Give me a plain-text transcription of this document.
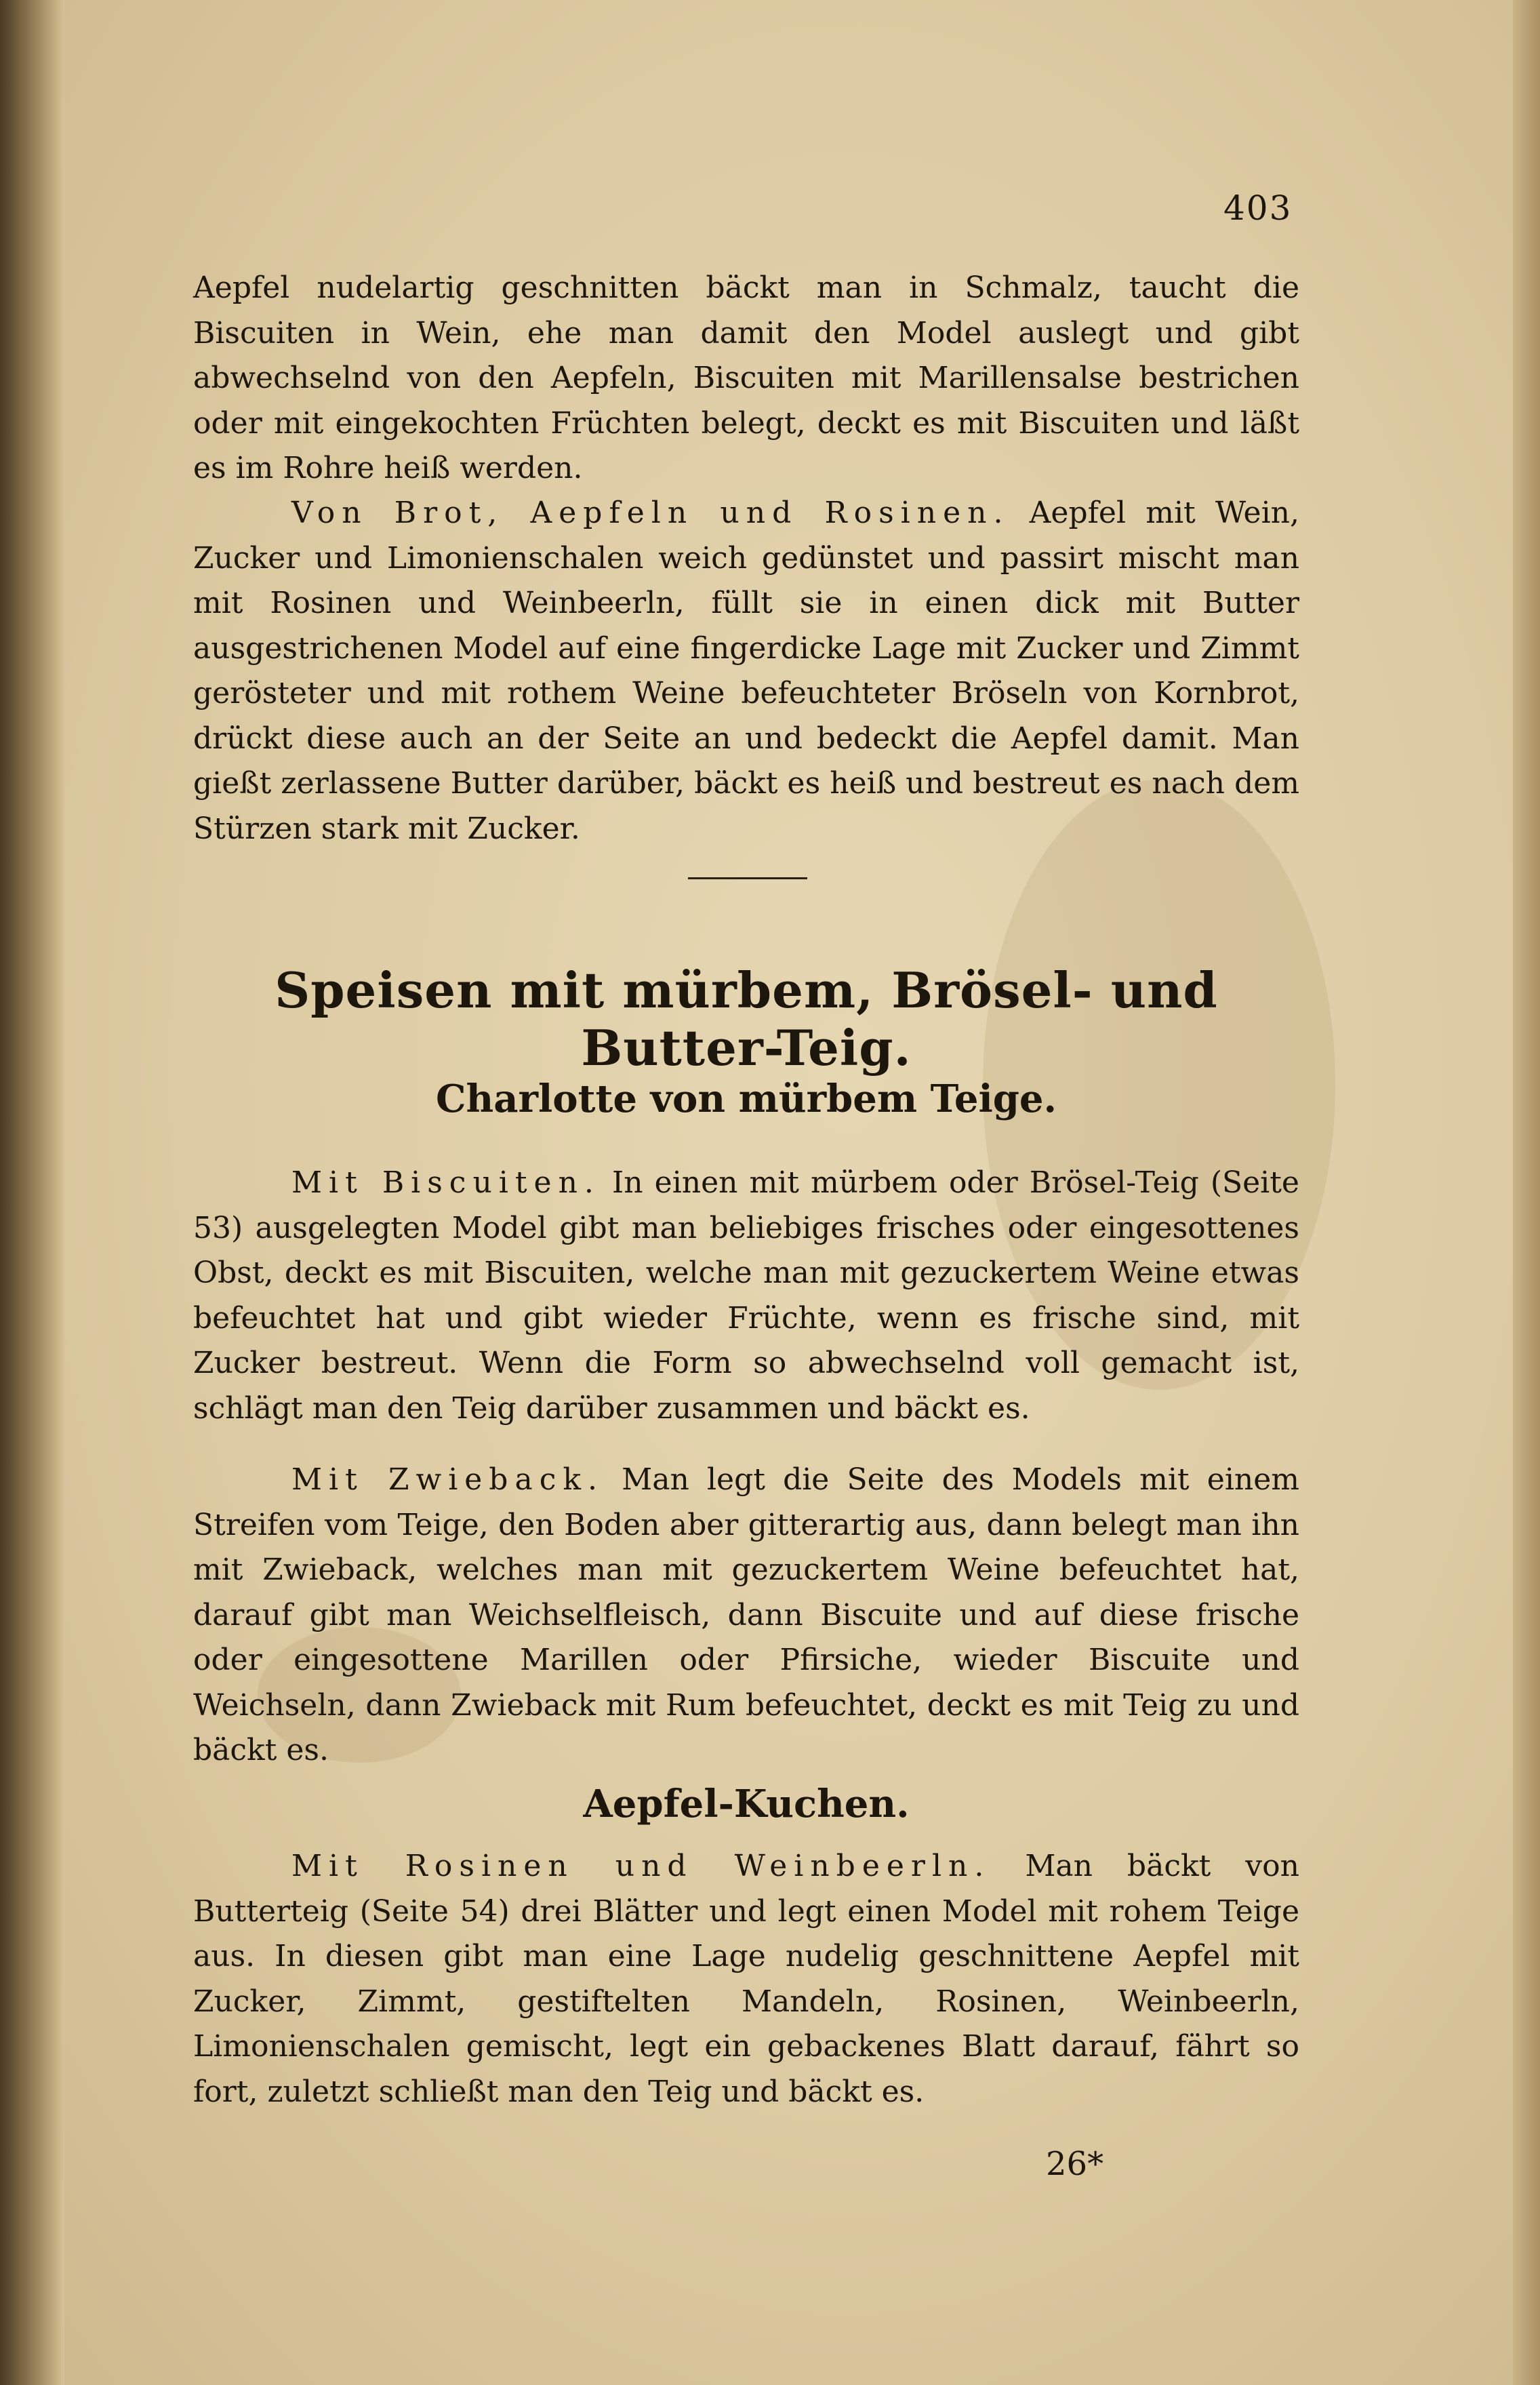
403

Aepfel nudelartig geschnitten bäckt man in Schmalz, taucht die Biscuiten in Wein, ehe man damit den Model auslegt und gibt abwechselnd von den Aepfeln, Biscuiten mit Marillensalse bestrichen oder mit eingekochten Früchten belegt, deckt es mit Biscuiten und läßt es im Rohre heiß werden.

Von Brot, Aepfeln und Rosinen. Aepfel mit Wein, Zucker und Limonienschalen weich gedünstet und passirt mischt man mit Rosinen und Weinbeerln, füllt sie in einen dick mit Butter ausgestrichenen Model auf eine fingerdicke Lage mit Zucker und Zimmt gerösteter und mit rothem Weine befeuchteter Bröseln von Kornbrot, drückt diese auch an der Seite an und bedeckt die Aepfel damit. Man gießt zerlassene Butter darüber, bäckt es heiß und bestreut es nach dem Stürzen stark mit Zucker.

Speisen mit mürbem, Brösel- und Butter-Teig.
Charlotte von mürbem Teige.

Mit Biscuiten. In einen mit mürbem oder Brösel-Teig (Seite 53) ausgelegten Model gibt man beliebiges frisches oder eingesottenes Obst, deckt es mit Biscuiten, welche man mit gezuckertem Weine etwas befeuchtet hat und gibt wieder Früchte, wenn es frische sind, mit Zucker bestreut. Wenn die Form so abwechselnd voll gemacht ist, schlägt man den Teig darüber zusammen und bäckt es.

Mit Zwieback. Man legt die Seite des Models mit einem Streifen vom Teige, den Boden aber gitterartig aus, dann belegt man ihn mit Zwieback, welches man mit gezuckertem Weine befeuchtet hat, darauf gibt man Weichselfleisch, dann Biscuite und auf diese frische oder eingesottene Marillen oder Pfirsiche, wieder Biscuite und Weichseln, dann Zwieback mit Rum befeuchtet, deckt es mit Teig zu und bäckt es.

Aepfel-Kuchen.

Mit Rosinen und Weinbeerln. Man bäckt von Butterteig (Seite 54) drei Blätter und legt einen Model mit rohem Teige aus. In diesen gibt man eine Lage nudelig geschnittene Aepfel mit Zucker, Zimmt, gestiftelten Mandeln, Rosinen, Weinbeerln, Limonienschalen gemischt, legt ein gebackenes Blatt darauf, fährt so fort, zuletzt schließt man den Teig und bäckt es.

26*
